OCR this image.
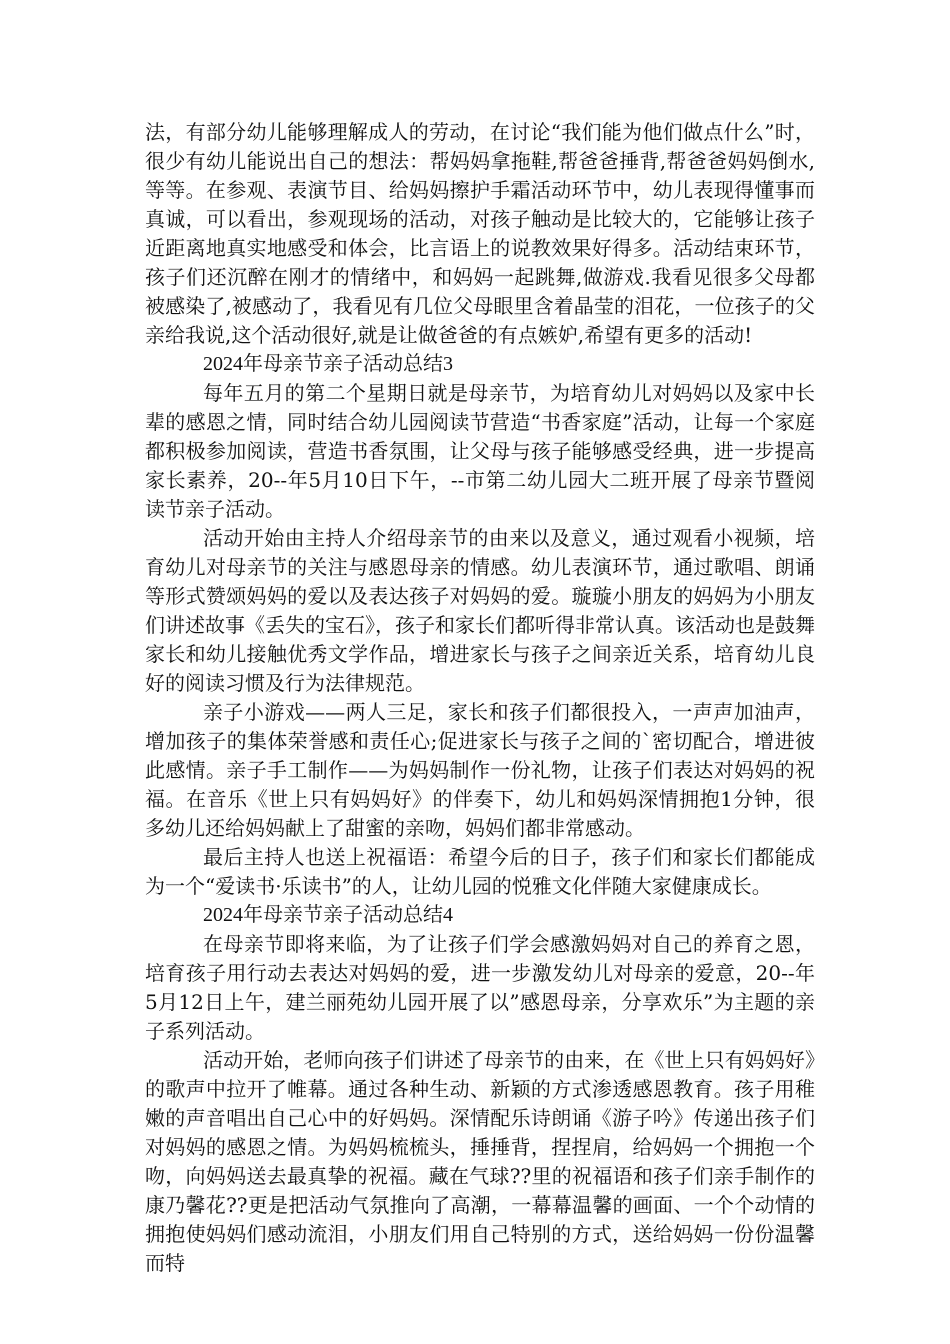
法，有部分幼儿能够理解成人的劳动，在讨论“我们能为他们做点什么”时，很少有幼儿能说出自己的想法：帮妈妈拿拖鞋,帮爸爸捶背,帮爸爸妈妈倒水,等等。在参观、表演节目、给妈妈擦护手霜活动环节中，幼儿表现得懂事而真诚，可以看出，参观现场的活动，对孩子触动是比较大的，它能够让孩子近距离地真实地感受和体会，比言语上的说教效果好得多。活动结束环节，孩子们还沉醉在刚才的情绪中，和妈妈一起跳舞,做游戏.我看见很多父母都被感染了,被感动了，我看见有几位父母眼里含着晶莹的泪花，一位孩子的父亲给我说,这个活动很好,就是让做爸爸的有点嫉妒,希望有更多的活动!

2024年母亲节亲子活动总结3

每年五月的第二个星期日就是母亲节，为培育幼儿对妈妈以及家中长辈的感恩之情，同时结合幼儿园阅读节营造“书香家庭”活动，让每一个家庭都积极参加阅读，营造书香氛围，让父母与孩子能够感受经典，进一步提高家长素养，20--年5月10日下午，--市第二幼儿园大二班开展了母亲节暨阅读节亲子活动。

活动开始由主持人介绍母亲节的由来以及意义，通过观看小视频，培育幼儿对母亲节的关注与感恩母亲的情感。幼儿表演环节，通过歌唱、朗诵等形式赞颂妈妈的爱以及表达孩子对妈妈的爱。璇璇小朋友的妈妈为小朋友们讲述故事《丢失的宝石》，孩子和家长们都听得非常认真。该活动也是鼓舞家长和幼儿接触优秀文学作品，增进家长与孩子之间亲近关系，培育幼儿良好的阅读习惯及行为法律规范。

亲子小游戏——两人三足，家长和孩子们都很投入，一声声加油声，增加孩子的集体荣誉感和责任心;促进家长与孩子之间的`密切配合，增进彼此感情。亲子手工制作——为妈妈制作一份礼物，让孩子们表达对妈妈的祝福。在音乐《世上只有妈妈好》的伴奏下，幼儿和妈妈深情拥抱1分钟，很多幼儿还给妈妈献上了甜蜜的亲吻，妈妈们都非常感动。

最后主持人也送上祝福语：希望今后的日子，孩子们和家长们都能成为一个“爱读书·乐读书”的人，让幼儿园的悦雅文化伴随大家健康成长。

2024年母亲节亲子活动总结4

在母亲节即将来临，为了让孩子们学会感激妈妈对自己的养育之恩，培育孩子用行动去表达对妈妈的爱，进一步激发幼儿对母亲的爱意，20--年5月12日上午，建兰丽苑幼儿园开展了以”感恩母亲，分享欢乐”为主题的亲子系列活动。

活动开始，老师向孩子们讲述了母亲节的由来，在《世上只有妈妈好》的歌声中拉开了帷幕。通过各种生动、新颖的方式渗透感恩教育。孩子用稚嫩的声音唱出自己心中的好妈妈。深情配乐诗朗诵《游子吟》传递出孩子们对妈妈的感恩之情。为妈妈梳梳头，捶捶背，捏捏肩，给妈妈一个拥抱一个吻，向妈妈送去最真挚的祝福。藏在气球??里的祝福语和孩子们亲手制作的康乃馨花??更是把活动气氛推向了高潮，一幕幕温馨的画面、一个个动情的拥抱使妈妈们感动流泪，小朋友们用自己特别的方式，送给妈妈一份份温馨而特
